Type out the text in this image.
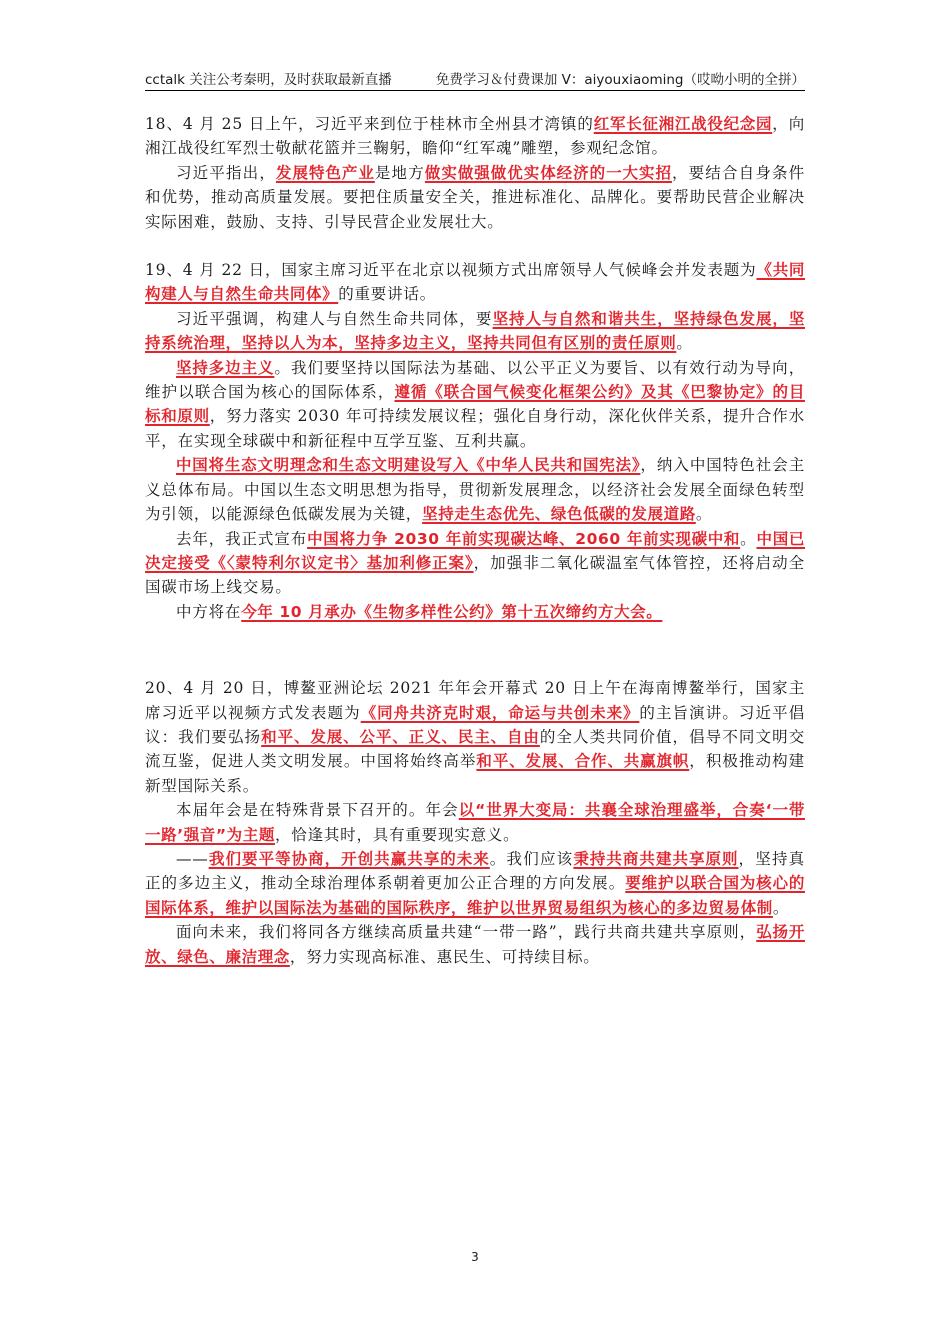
cctalk 关注公考秦明，及时获取最新直播	免费学习＆付费课加 V：aiyouxiaoming（哎呦小明的全拼）

18、4 月 25 日上午，习近平来到位于桂林市全州县才湾镇的红军长征湘江战役纪念园，向湘江战役红军烈士敬献花篮并三鞠躬，瞻仰“红军魂”雕塑，参观纪念馆。

习近平指出，发展特色产业是地方做实做强做优实体经济的一大实招，要结合自身条件和优势，推动高质量发展。要把住质量安全关，推进标准化、品牌化。要帮助民营企业解决实际困难，鼓励、支持、引导民营企业发展壮大。

19、4 月 22 日，国家主席习近平在北京以视频方式出席领导人气候峰会并发表题为《共同构建人与自然生命共同体》的重要讲话。

习近平强调，构建人与自然生命共同体，要坚持人与自然和谐共生，坚持绿色发展，坚持系统治理，坚持以人为本，坚持多边主义，坚持共同但有区别的责任原则。

坚持多边主义。我们要坚持以国际法为基础、以公平正义为要旨、以有效行动为导向，维护以联合国为核心的国际体系，遵循《联合国气候变化框架公约》及其《巴黎协定》的目标和原则，努力落实 2030 年可持续发展议程；强化自身行动，深化伙伴关系，提升合作水平，在实现全球碳中和新征程中互学互鉴、互利共赢。

中国将生态文明理念和生态文明建设写入《中华人民共和国宪法》，纳入中国特色社会主义总体布局。中国以生态文明思想为指导，贯彻新发展理念，以经济社会发展全面绿色转型为引领，以能源绿色低碳发展为关键，坚持走生态优先、绿色低碳的发展道路。

去年，我正式宣布中国将力争 2030 年前实现碳达峰、2060 年前实现碳中和。中国已决定接受《〈蒙特利尔议定书〉基加利修正案》，加强非二氧化碳温室气体管控，还将启动全国碳市场上线交易。

中方将在今年 10 月承办《生物多样性公约》第十五次缔约方大会。

20、4 月 20 日，博鳌亚洲论坛 2021 年年会开幕式 20 日上午在海南博鳌举行，国家主席习近平以视频方式发表题为《同舟共济克时艰，命运与共创未来》的主旨演讲。习近平倡议：我们要弘扬和平、发展、公平、正义、民主、自由的全人类共同价值，倡导不同文明交流互鉴，促进人类文明发展。中国将始终高举和平、发展、合作、共赢旗帜，积极推动构建新型国际关系。

本届年会是在特殊背景下召开的。年会以“世界大变局：共襄全球治理盛举，合奏‘一带一路’强音”为主题，恰逢其时，具有重要现实意义。

——我们要平等协商，开创共赢共享的未来。我们应该秉持共商共建共享原则，坚持真正的多边主义，推动全球治理体系朝着更加公正合理的方向发展。要维护以联合国为核心的国际体系，维护以国际法为基础的国际秩序，维护以世界贸易组织为核心的多边贸易体制。

面向未来，我们将同各方继续高质量共建“一带一路”，践行共商共建共享原则，弘扬开放、绿色、廉洁理念，努力实现高标准、惠民生、可持续目标。

3
